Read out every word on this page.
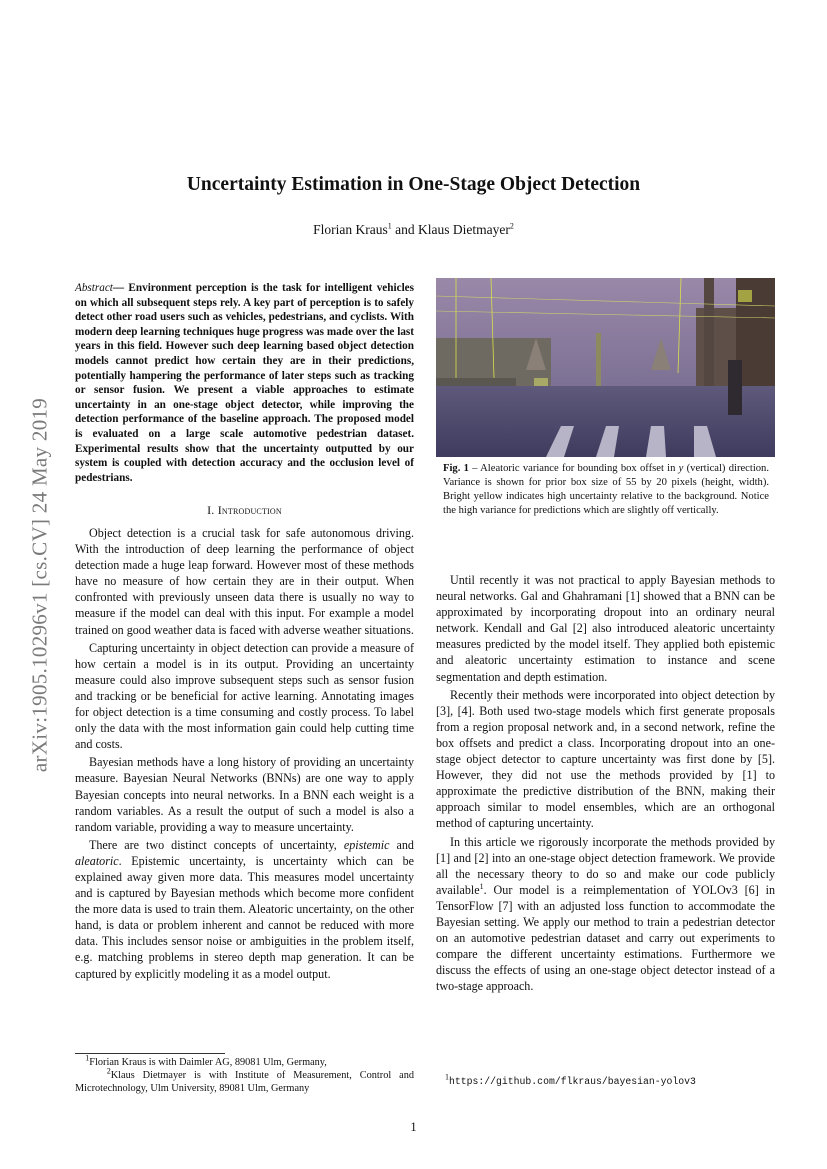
arXiv:1905.10296v1 [cs.CV] 24 May 2019
Uncertainty Estimation in One-Stage Object Detection
Florian Kraus$^1$ and Klaus Dietmayer$^2$
Abstract— Environment perception is the task for intelligent vehicles on which all subsequent steps rely. A key part of perception is to safely detect other road users such as vehicles, pedestrians, and cyclists. With modern deep learning techniques huge progress was made over the last years in this field. However such deep learning based object detection models cannot predict how certain they are in their predictions, potentially hampering the performance of later steps such as tracking or sensor fusion. We present a viable approaches to estimate uncertainty in an one-stage object detector, while improving the detection performance of the baseline approach. The proposed model is evaluated on a large scale automotive pedestrian dataset. Experimental results show that the uncertainty outputted by our system is coupled with detection accuracy and the occlusion level of pedestrians.
I. Introduction

Object detection is a crucial task for safe autonomous driving. With the introduction of deep learning the performance of object detection made a huge leap forward. However most of these methods have no measure of how certain they are in their output. When confronted with previously unseen data there is usually no way to measure if the model can deal with this input. For example a model trained on good weather data is faced with adverse weather situations.

Capturing uncertainty in object detection can provide a measure of how certain a model is in its output. Providing an uncertainty measure could also improve subsequent steps such as sensor fusion and tracking or be beneficial for active learning. Annotating images for object detection is a time consuming and costly process. To label only the data with the most information gain could help cutting time and costs.

Bayesian methods have a long history of providing an uncertainty measure. Bayesian Neural Networks (BNNs) are one way to apply Bayesian concepts into neural networks. In a BNN each weight is a random variables. As a result the output of such a model is also a random variable, providing a way to measure uncertainty.

There are two distinct concepts of uncertainty, epistemic and aleatoric. Epistemic uncertainty, is uncertainty which can be explained away given more data. This measures model uncertainty and is captured by Bayesian methods which become more confident the more data is used to train them. Aleatoric uncertainty, on the other hand, is data or problem inherent and cannot be reduced with more data. This includes sensor noise or ambiguities in the problem itself, e.g. matching problems in stereo depth map generation. It can be captured by explicitly modeling it as a model output.

$^1$Florian Kraus is with Daimler AG, 89081 Ulm, Germany,
$^2$Klaus Dietmayer is with Institute of Measurement, Control and Microtechnology, Ulm University, 89081 Ulm, Germany
Fig. 1 – Aleatoric variance for bounding box offset in y (vertical) direction. Variance is shown for prior box size of 55 by 20 pixels (height, width). Bright yellow indicates high uncertainty relative to the background. Notice the high variance for predictions which are slightly off vertically.

Until recently it was not practical to apply Bayesian methods to neural networks. Gal and Ghahramani [1] showed that a BNN can be approximated by incorporating dropout into an ordinary neural network. Kendall and Gal [2] also introduced aleatoric uncertainty measures predicted by the model itself. They applied both epistemic and aleatoric uncertainty estimation to instance and scene segmentation and depth estimation.

Recently their methods were incorporated into object detection by [3], [4]. Both used two-stage models which first generate proposals from a region proposal network and, in a second network, refine the box offsets and predict a class. Incorporating dropout into an one-stage object detector to capture uncertainty was first done by [5]. However, they did not use the methods provided by [1] to approximate the predictive distribution of the BNN, making their approach similar to model ensembles, which are an orthogonal method of capturing uncertainty.

In this article we rigorously incorporate the methods provided by [1] and [2] into an one-stage object detection framework. We provide all the necessary theory to do so and make our code publicly available$^1$. Our model is a reimplementation of YOLOv3 [6] in TensorFlow [7] with an adjusted loss function to accommodate the Bayesian setting. We apply our method to train a pedestrian detector on an automotive pedestrian dataset and carry out experiments to compare the different uncertainty estimations. Furthermore we discuss the effects of using an one-stage object detector instead of a two-stage approach.

$^1$https://github.com/flkraus/bayesian-yolov3
1
